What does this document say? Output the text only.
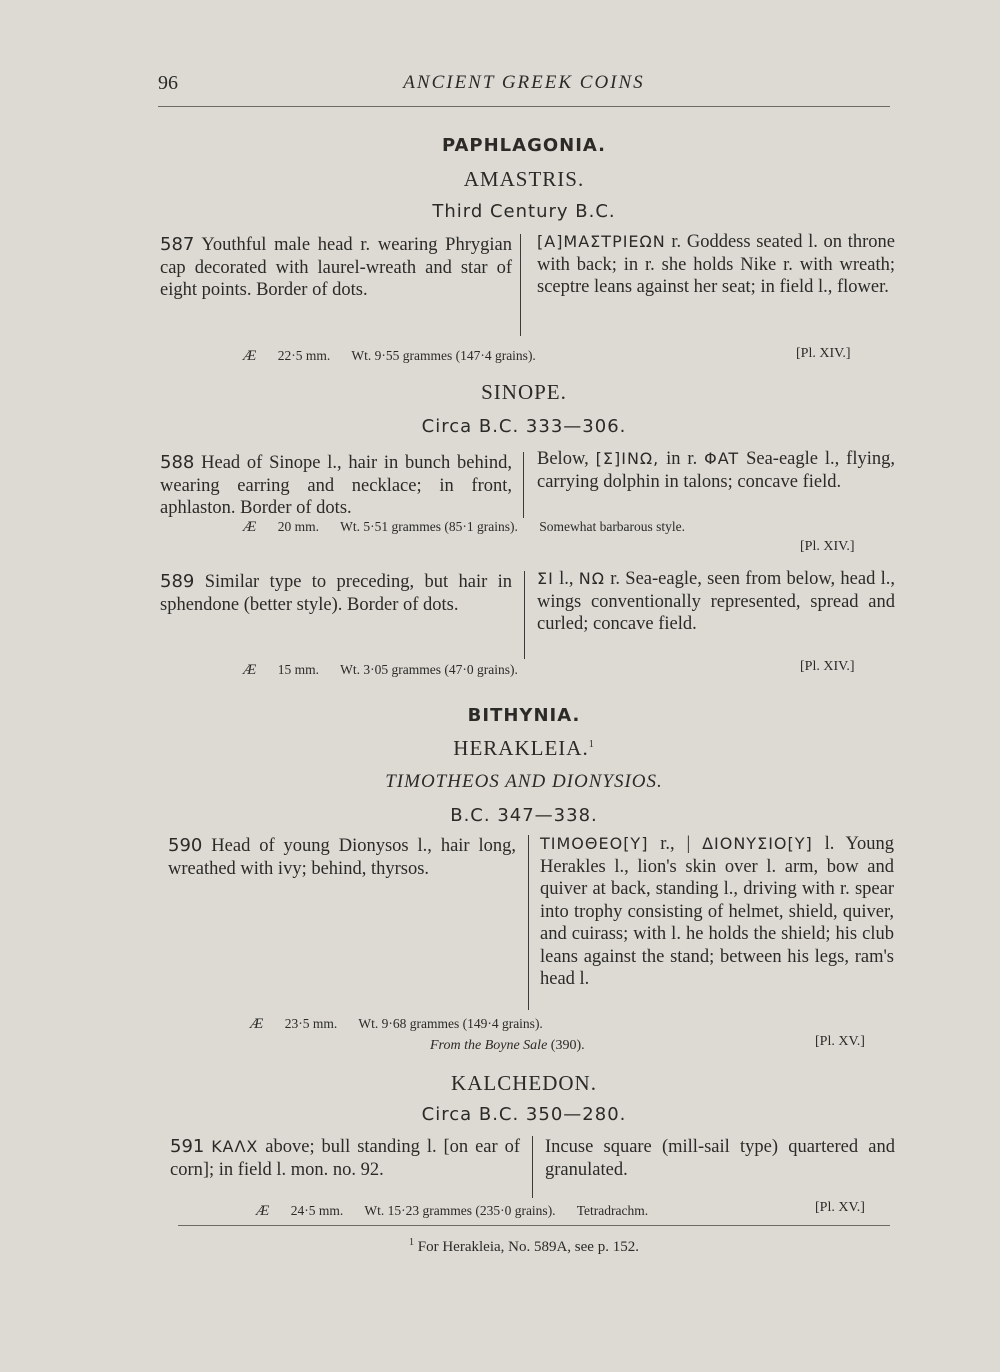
96	ANCIENT GREEK COINS
PAPHLAGONIA.
AMASTRIS.
Third Century B.C.
587 Youthful male head r. wearing Phrygian cap decorated with laurel-wreath and star of eight points. Border of dots.
[A]MAΣTPIEΩN r. Goddess seated l. on throne with back; in r. she holds Nike r. with wreath; sceptre leans against her seat; in field l., flower.
Æ 22·5 mm. Wt. 9·55 grammes (147·4 grains).	[Pl. XIV.]
SINOPE.
Circa B.C. 333—306.
588 Head of Sinope l., hair in bunch behind, wearing earring and necklace; in front, aphlaston. Border of dots.
Below, [Σ]INΩ, in r. ΦAT Sea-eagle l., flying, carrying dolphin in talons; concave field.
Æ 20 mm. Wt. 5·51 grammes (85·1 grains). Somewhat barbarous style.
[Pl. XIV.]
589 Similar type to preceding, but hair in sphendone (better style). Border of dots.
ΣI l., NΩ r. Sea-eagle, seen from below, head l., wings conventionally represented, spread and curled; concave field.
Æ 15 mm. Wt. 3·05 grammes (47·0 grains).	[Pl. XIV.]
BITHYNIA.
HERAKLEIA.$^1$
TIMOTHEOS AND DIONYSIOS.
B.C. 347—338.
590 Head of young Dionysos l., hair long, wreathed with ivy; behind, thyrsos.
TIMOΘEO[Y] r., | ΔIONYΣIO[Y] l. Young Herakles l., lion's skin over l. arm, bow and quiver at back, standing l., driving with r. spear into trophy consisting of helmet, shield, quiver, and cuirass; with l. he holds the shield; his club leans against the stand; between his legs, ram's head l.
Æ 23·5 mm. Wt. 9·68 grammes (149·4 grains).
From the Boyne Sale (390).	[Pl. XV.]
KALCHEDON.
Circa B.C. 350—280.
591 KAΛX above; bull standing l. [on ear of corn]; in field l. mon. no. 92.
Incuse square (mill-sail type) quartered and granulated.
Æ 24·5 mm. Wt. 15·23 grammes (235·0 grains). Tetradrachm.	[Pl. XV.]
$^1$ For Herakleia, No. 589A, see p. 152.
